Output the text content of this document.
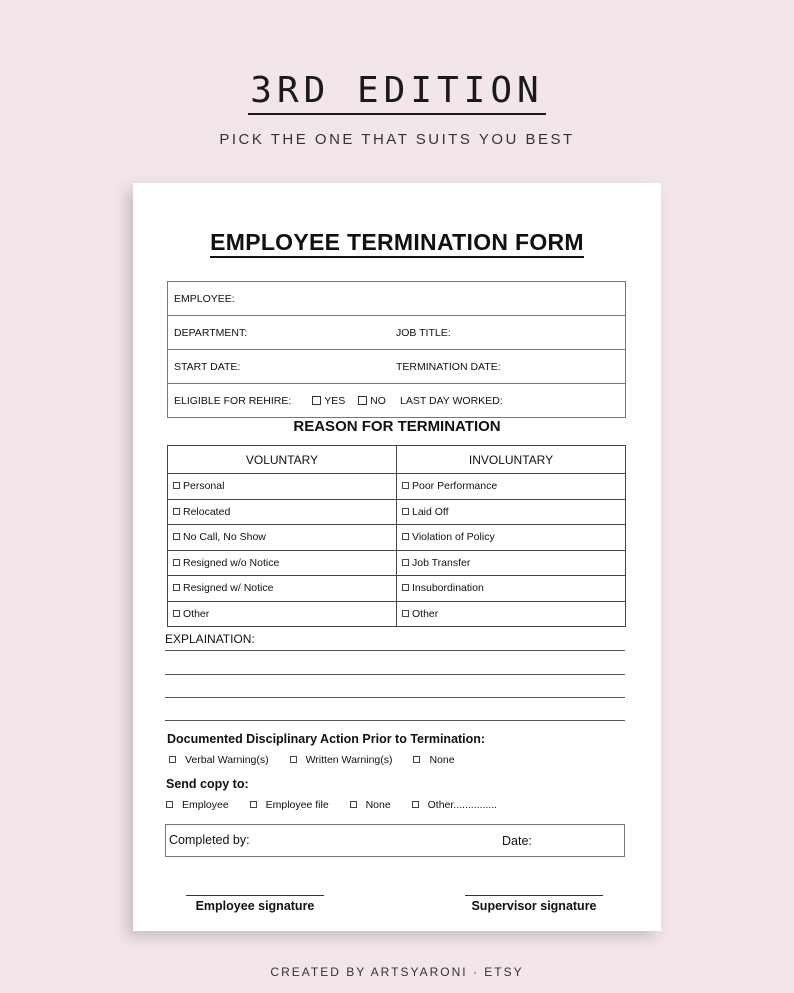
3RD EDITION
PICK THE ONE THAT SUITS YOU BEST
EMPLOYEE TERMINATION FORM
EMPLOYEE:
DEPARTMENT:	JOB TITLE:
START DATE:	TERMINATION DATE:
ELIGIBLE FOR REHIRE:	YES NO	LAST DAY WORKED:
REASON FOR TERMINATION
VOLUNTARY	INVOLUNTARY
Personal	Poor Performance
Relocated	Laid Off
No Call, No Show	Violation of Policy
Resigned w/o Notice	Job Transfer
Resigned w/ Notice	Insubordination
Other	Other
EXPLAINATION:
Documented Disciplinary Action Prior to Termination:
Verbal Warning(s)	Written Warning(s)	None
Send copy to:
Employee	Employee file	None	Other...............
Completed by:	Date:
Employee signature	Supervisor signature
CREATED BY ARTSYARONI · ETSY
